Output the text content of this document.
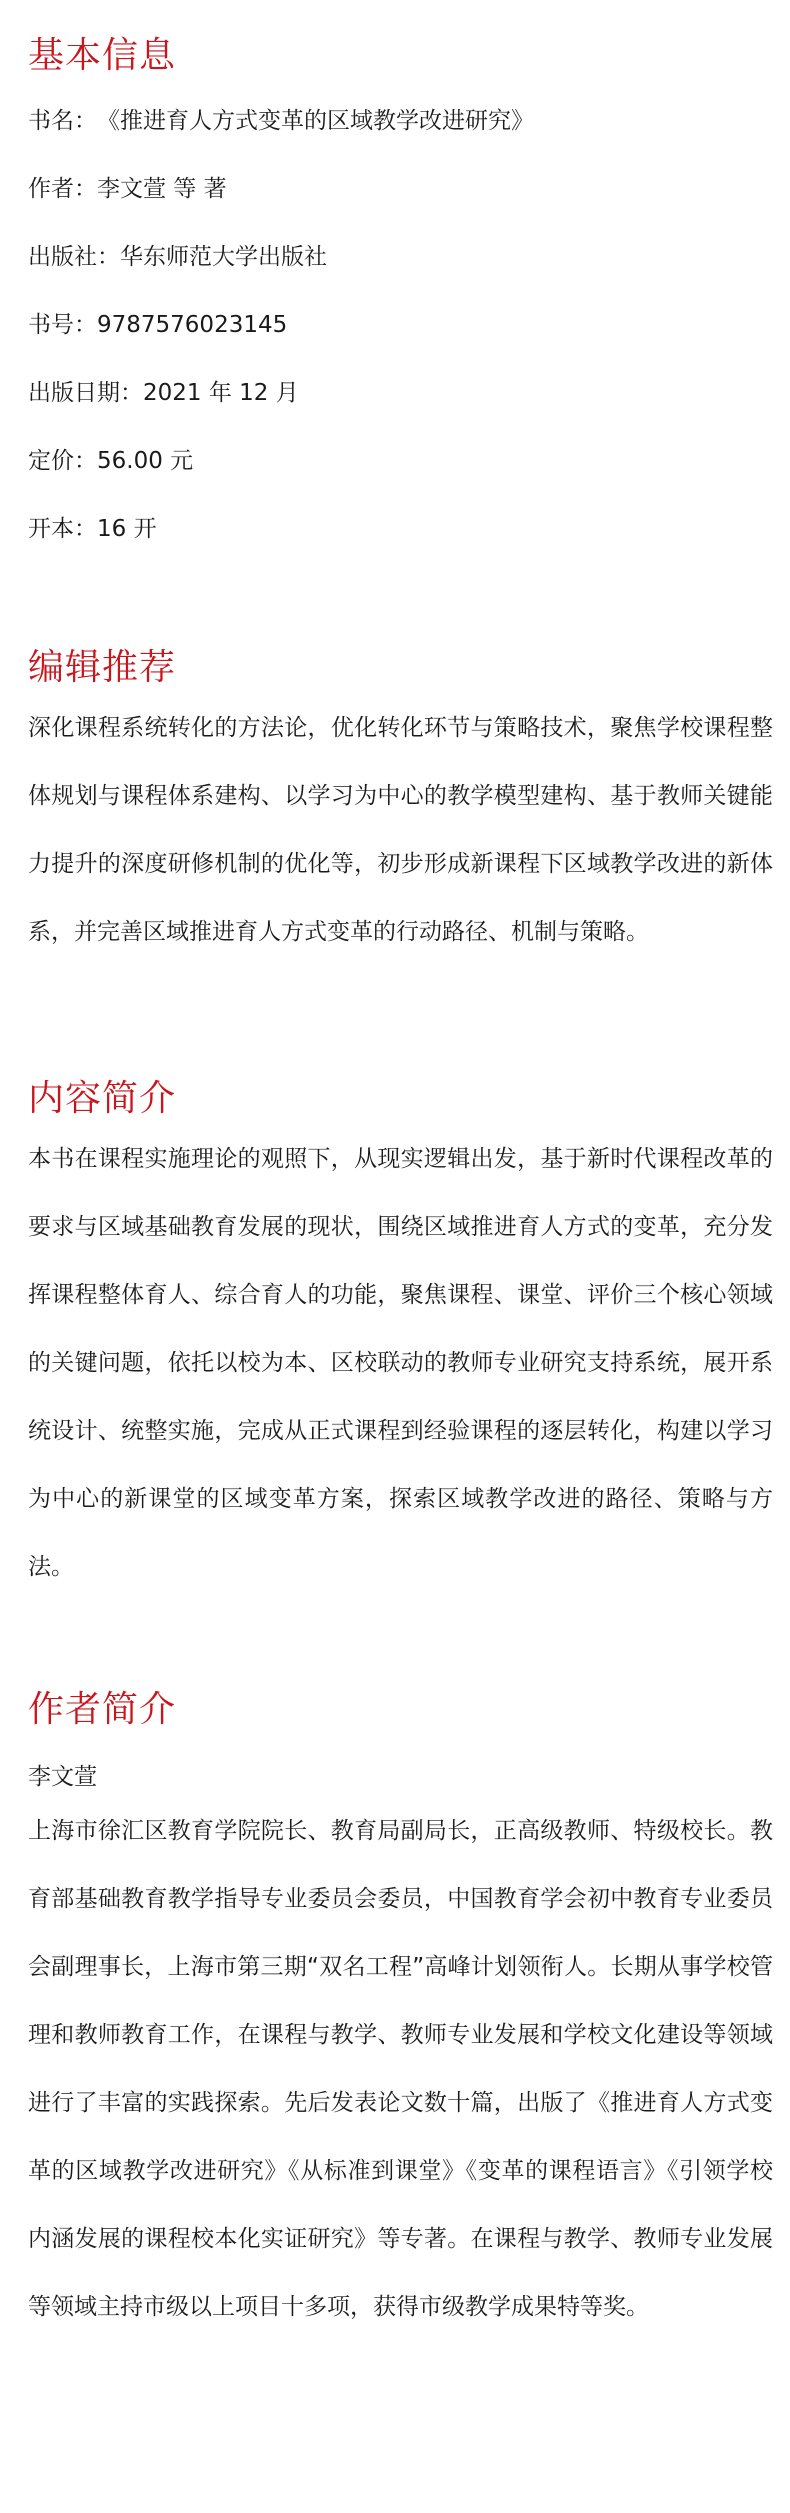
基本信息
书名： 《推进育人方式变革的区域教学改进研究》
作者： 李文萱 等 著
出版社： 华东师范大学出版社
书号： 9787576023145
出版日期： 2021 年 12 月
定价： 56.00 元
开本： 16 开
编辑推荐

深化课程系统转化的方法论，优化转化环节与策略技术，聚焦学校课程整体规划与课程体系建构、以学习为中心的教学模型建构、基于教师关键能力提升的深度研修机制的优化等，初步形成新课程下区域教学改进的新体系，并完善区域推进育人方式变革的行动路径、机制与策略。

内容简介

本书在课程实施理论的观照下，从现实逻辑出发，基于新时代课程改革的要求与区域基础教育发展的现状，围绕区域推进育人方式的变革，充分发挥课程整体育人、综合育人的功能，聚焦课程、课堂、评价三个核心领域的关键问题，依托以校为本、区校联动的教师专业研究支持系统，展开系统设计、统整实施，完成从正式课程到经验课程的逐层转化，构建以学习为中心的新课堂的区域变革方案，探索区域教学改进的路径、策略与方法。

作者简介

李文萱

上海市徐汇区教育学院院长、教育局副局长，正高级教师、特级校长。教育部基础教育教学指导专业委员会委员，中国教育学会初中教育专业委员会副理事长，上海市第三期“双名工程”高峰计划领衔人。长期从事学校管理和教师教育工作，在课程与教学、教师专业发展和学校文化建设等领域进行了丰富的实践探索。先后发表论文数十篇，出版了《推进育人方式变革的区域教学改进研究》《从标准到课堂》《变革的课程语言》《引领学校内涵发展的课程校本化实证研究》等专著。在课程与教学、教师专业发展等领域主持市级以上项目十多项，获得市级教学成果特等奖。
